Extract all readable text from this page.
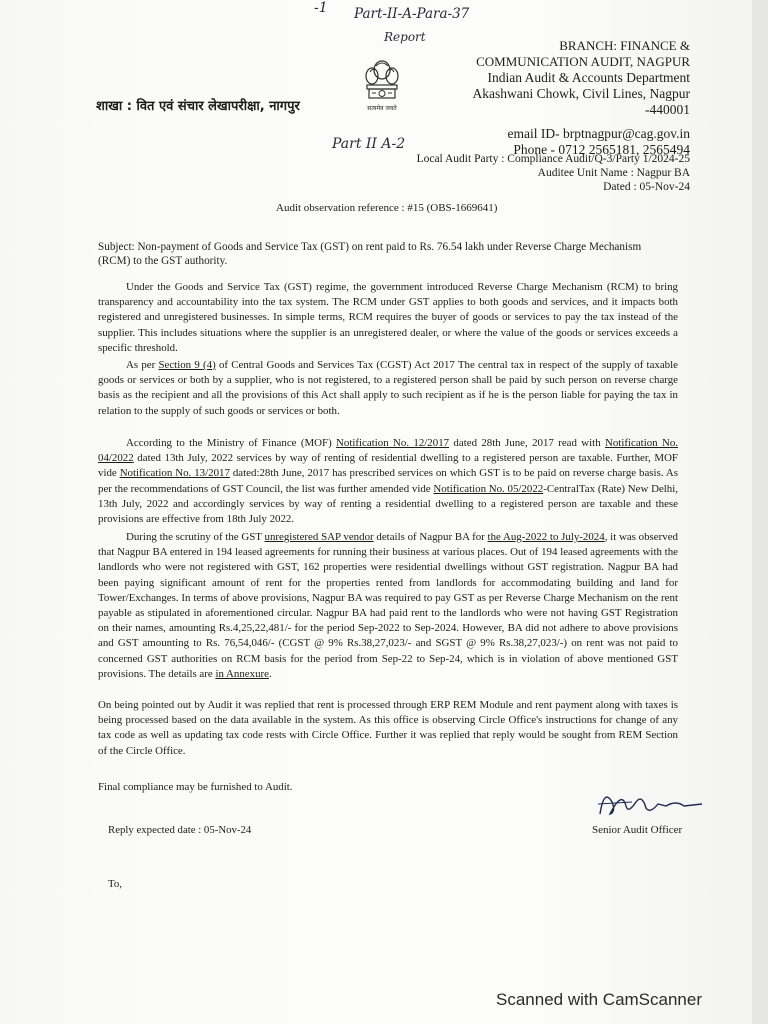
-1 Part-II-A-Para-37
Report
Part II A-2
BRANCH: FINANCE &
COMMUNICATION AUDIT, NAGPUR
Indian Audit & Accounts Department
Akashwani Chowk, Civil Lines, Nagpur
-440001
email ID- brptnagpur@cag.gov.in
Phone - 0712 2565181, 2565494
शाखा : वित एवं संचार लेखापरीक्षा, नागपुर	सत्यमेव जयते
Local Audit Party : Compliance Audit/Q-3/Party 1/2024-25
Auditee Unit Name : Nagpur BA
Dated : 05-Nov-24
Audit observation reference : #15 (OBS-1669641)
Subject: Non-payment of Goods and Service Tax (GST) on rent paid to Rs. 76.54 lakh under Reverse Charge Mechanism (RCM) to the GST authority.

Under the Goods and Service Tax (GST) regime, the government introduced Reverse Charge Mechanism (RCM) to bring transparency and accountability into the tax system. The RCM under GST applies to both goods and services, and it impacts both registered and unregistered businesses. In simple terms, RCM requires the buyer of goods or services to pay the tax instead of the supplier. This includes situations where the supplier is an unregistered dealer, or where the value of the goods or services exceeds a specific threshold.

As per Section 9 (4) of Central Goods and Services Tax (CGST) Act 2017 The central tax in respect of the supply of taxable goods or services or both by a supplier, who is not registered, to a registered person shall be paid by such person on reverse charge basis as the recipient and all the provisions of this Act shall apply to such recipient as if he is the person liable for paying the tax in relation to the supply of such goods or services or both.

According to the Ministry of Finance (MOF) Notification No. 12/2017 dated 28th June, 2017 read with Notification No. 04/2022 dated 13th July, 2022 services by way of renting of residential dwelling to a registered person are taxable. Further, MOF vide Notification No. 13/2017 dated:28th June, 2017 has prescribed services on which GST is to be paid on reverse charge basis. As per the recommendations of GST Council, the list was further amended vide Notification No. 05/2022-CentralTax (Rate) New Delhi, 13th July, 2022 and accordingly services by way of renting a residential dwelling to a registered person are taxable and these provisions are effective from 18th July 2022.

During the scrutiny of the GST unregistered SAP vendor details of Nagpur BA for the Aug-2022 to July-2024, it was observed that Nagpur BA entered in 194 leased agreements for running their business at various places. Out of 194 leased agreements with the landlords who were not registered with GST, 162 properties were residential dwellings without GST registration. Nagpur BA had been paying significant amount of rent for the properties rented from landlords for accommodating building and land for Tower/Exchanges. In terms of above provisions, Nagpur BA was required to pay GST as per Reverse Charge Mechanism on the rent payable as stipulated in aforementioned circular. Nagpur BA had paid rent to the landlords who were not having GST Registration on their names, amounting Rs.4,25,22,481/- for the period Sep-2022 to Sep-2024. However, BA did not adhere to above provisions and GST amounting to Rs. 76,54,046/- (CGST @ 9% Rs.38,27,023/- and SGST @ 9% Rs.38,27,023/-) on rent was not paid to concerned GST authorities on RCM basis for the period from Sep-22 to Sep-24, which is in violation of above mentioned GST provisions. The details are in Annexure.

On being pointed out by Audit it was replied that rent is processed through ERP REM Module and rent payment along with taxes is being processed based on the data available in the system. As this office is observing Circle Office's instructions for change of any tax code as well as updating tax code rests with Circle Office. Further it was replied that reply would be sought from REM Section of the Circle Office.

Final compliance may be furnished to Audit.

Reply expected date : 05-Nov-24	Senior Audit Officer
To,
Scanned with CamScanner
